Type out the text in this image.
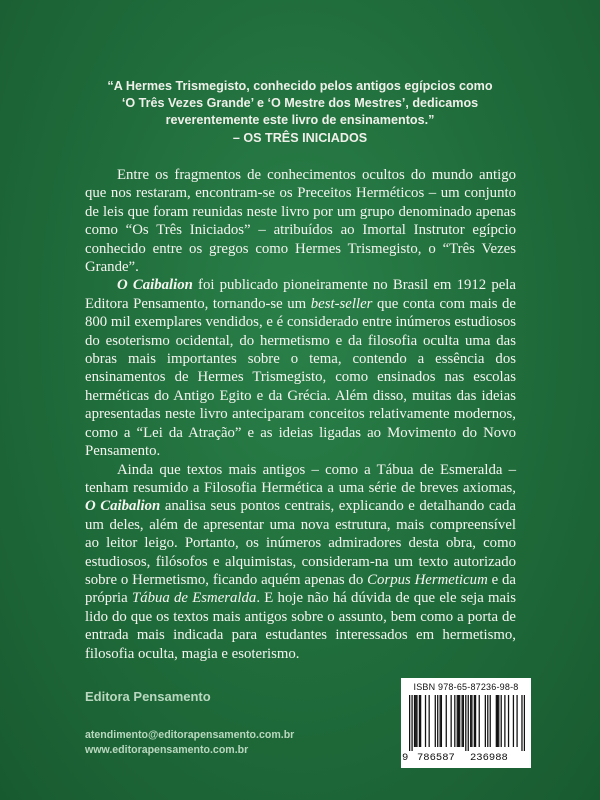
“A Hermes Trismegisto, conhecido pelos antigos egípcios como

‘O Três Vezes Grande’ e ‘O Mestre dos Mestres’, dedicamos

reverentemente este livro de ensinamentos.”

– OS TRÊS INICIADOS

Entre os fragmentos de conhecimentos ocultos do mundo antigo que nos restaram, encontram-se os Preceitos Herméticos – um conjunto de leis que foram reunidas neste livro por um grupo denominado apenas como “Os Três Iniciados” – atribuídos ao Imortal Instrutor egípcio conhecido entre os gregos como Hermes Trismegisto, o “Três Vezes Grande”.

O Caibalion foi publicado pioneiramente no Brasil em 1912 pela Editora Pensamento, tornando-se um best-seller que conta com mais de 800 mil exemplares vendidos, e é considerado entre inúmeros estudiosos do esoterismo ocidental, do hermetismo e da filosofia oculta uma das obras mais importantes sobre o tema, contendo a essência dos ensinamentos de Hermes Trismegisto, como ensinados nas escolas herméticas do Antigo Egito e da Grécia. Além disso, muitas das ideias apresentadas neste livro anteciparam conceitos relativamente modernos, como a “Lei da Atração” e as ideias ligadas ao Movimento do Novo Pensamento.

Ainda que textos mais antigos – como a Tábua de Esmeralda – tenham resumido a Filosofia Hermética a uma série de breves axiomas, O Caibalion analisa seus pontos centrais, explicando e detalhando cada um deles, além de apresentar uma nova estrutura, mais compreensível ao leitor leigo. Portanto, os inúmeros admiradores desta obra, como estudiosos, filósofos e alquimistas, consideram-na um texto autorizado sobre o Hermetismo, ficando aquém apenas do Corpus Hermeticum e da própria Tábua de Esmeralda. E hoje não há dúvida de que ele seja mais lido do que os textos mais antigos sobre o assunto, bem como a porta de entrada mais indicada para estudantes interessados em hermetismo, filosofia oculta, magia e esoterismo.

Editora Pensamento
atendimento@editorapensamento.com.br
www.editorapensamento.com.br
ISBN 978-65-87236-98-8
9 786587 236988
